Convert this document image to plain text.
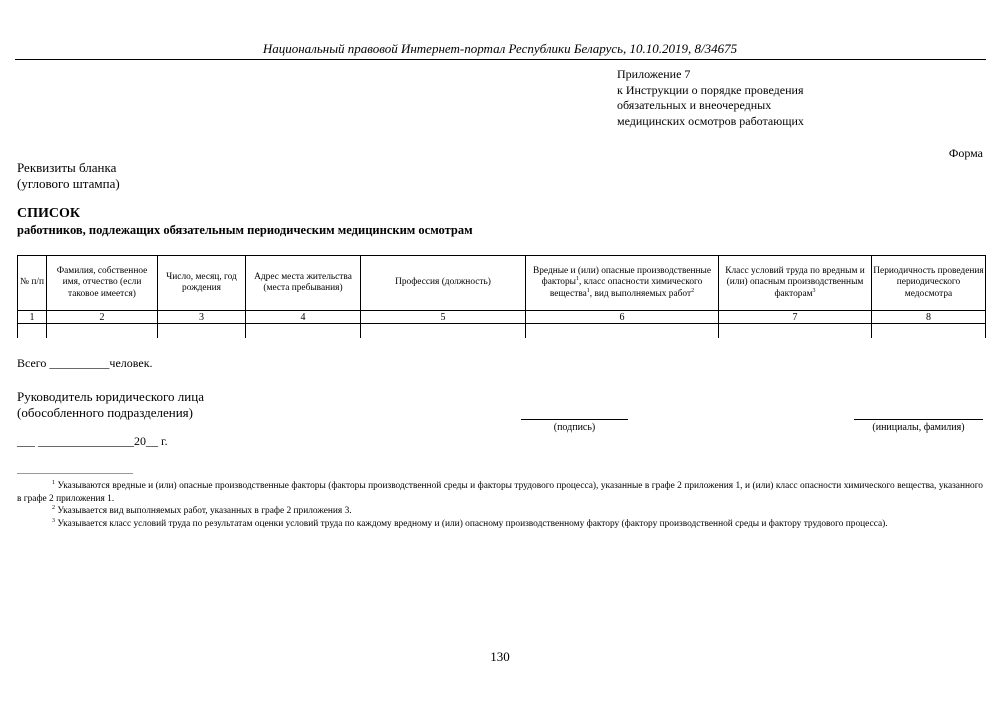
Национальный правовой Интернет-портал Республики Беларусь, 10.10.2019, 8/34675
Приложение 7
к Инструкции о порядке проведения
обязательных и внеочередных
медицинских осмотров работающих
Форма
Реквизиты бланка
(углового штампа)
СПИСОК
работников, подлежащих обязательным периодическим медицинским осмотрам
№ п/п	Фамилия, собственное имя, отчество (если таковое имеется)	Число, месяц, год рождения	Адрес места жительства (места пребывания)	Профессия (должность)	Вредные и (или) опасные производственные факторы$^1$, класс опасности химического вещества$^1$, вид выполняемых работ$^2$	Класс условий труда по вредным и (или) опасным производственным факторам$^3$	Периодичность проведения периодического медосмотра
1	2	3	4	5	6	7	8

Всего __________человек.
Руководитель юридического лица
(обособленного подразделения)
(подпись)	(инициалы, фамилия)
___ ________________20__ г.

$^1$ Указываются вредные и (или) опасные производственные факторы (факторы производственной среды и факторы трудового процесса), указанные в графе 2 приложения 1, и (или) класс опасности химического вещества, указанного в графе 2 приложения 1.

$^2$ Указывается вид выполняемых работ, указанных в графе 2 приложения 3.

$^3$ Указывается класс условий труда по результатам оценки условий труда по каждому вредному и (или) опасному производственному фактору (фактору производственной среды и фактору трудового процесса).

130
